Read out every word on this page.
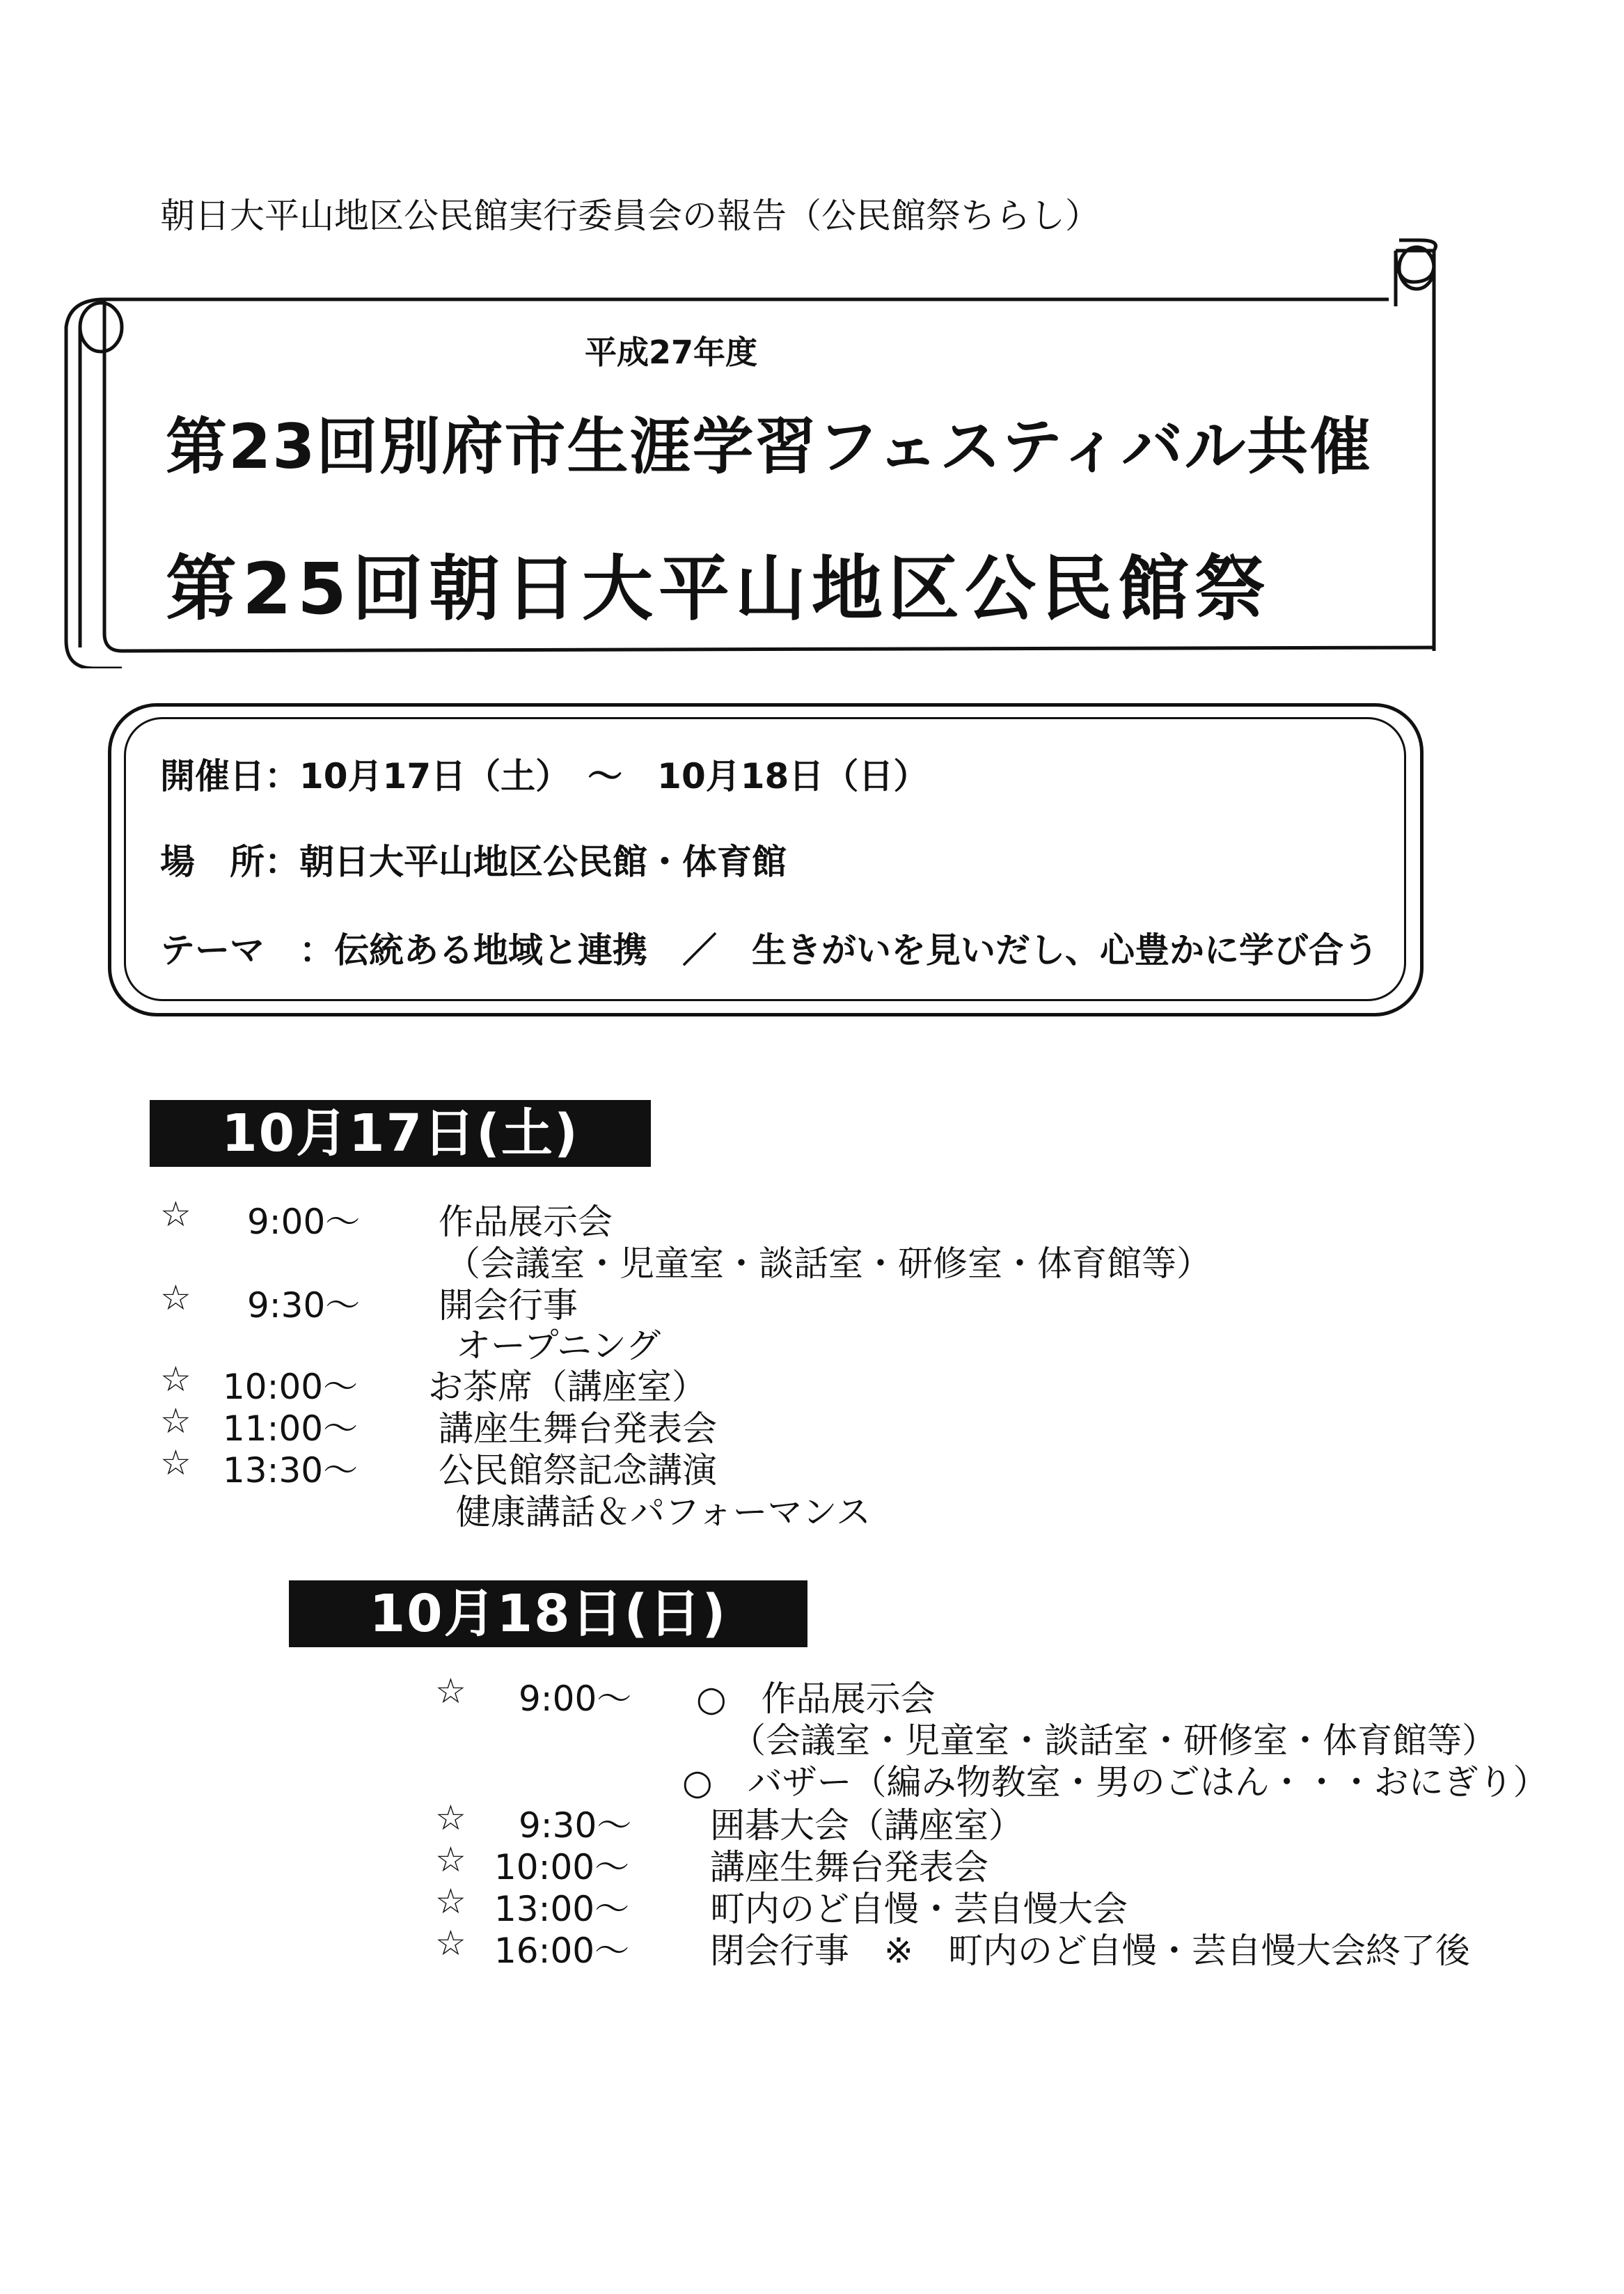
朝日大平山地区公民館実行委員会の報告（公民館祭ちらし）
平成27年度
第23回別府市生涯学習フェスティバル共催
第25回朝日大平山地区公民館祭
開催日：10月17日（土）　～　10月18日（日）
場　所：朝日大平山地区公民館・体育館
テーマ　：伝統ある地域と連携　／　生きがいを見いだし、心豊かに学び合う
10月17日(土)
☆ 9:00～ 作品展示会
（会議室・児童室・談話室・研修室・体育館等）
☆ 9:30～ 開会行事
オープニング
☆ 10:00～ お茶席（講座室）
☆ 11:00～ 講座生舞台発表会
☆ 13:30～ 公民館祭記念講演
健康講話＆パフォーマンス
10月18日(日)
☆ 9:00～ ○　作品展示会
（会議室・児童室・談話室・研修室・体育館等）
○　バザー（編み物教室・男のごはん・・・おにぎり）
☆ 9:30～ 囲碁大会（講座室）
☆ 10:00～ 講座生舞台発表会
☆ 13:00～ 町内のど自慢・芸自慢大会
☆ 16:00～ 閉会行事　※　町内のど自慢・芸自慢大会終了後
